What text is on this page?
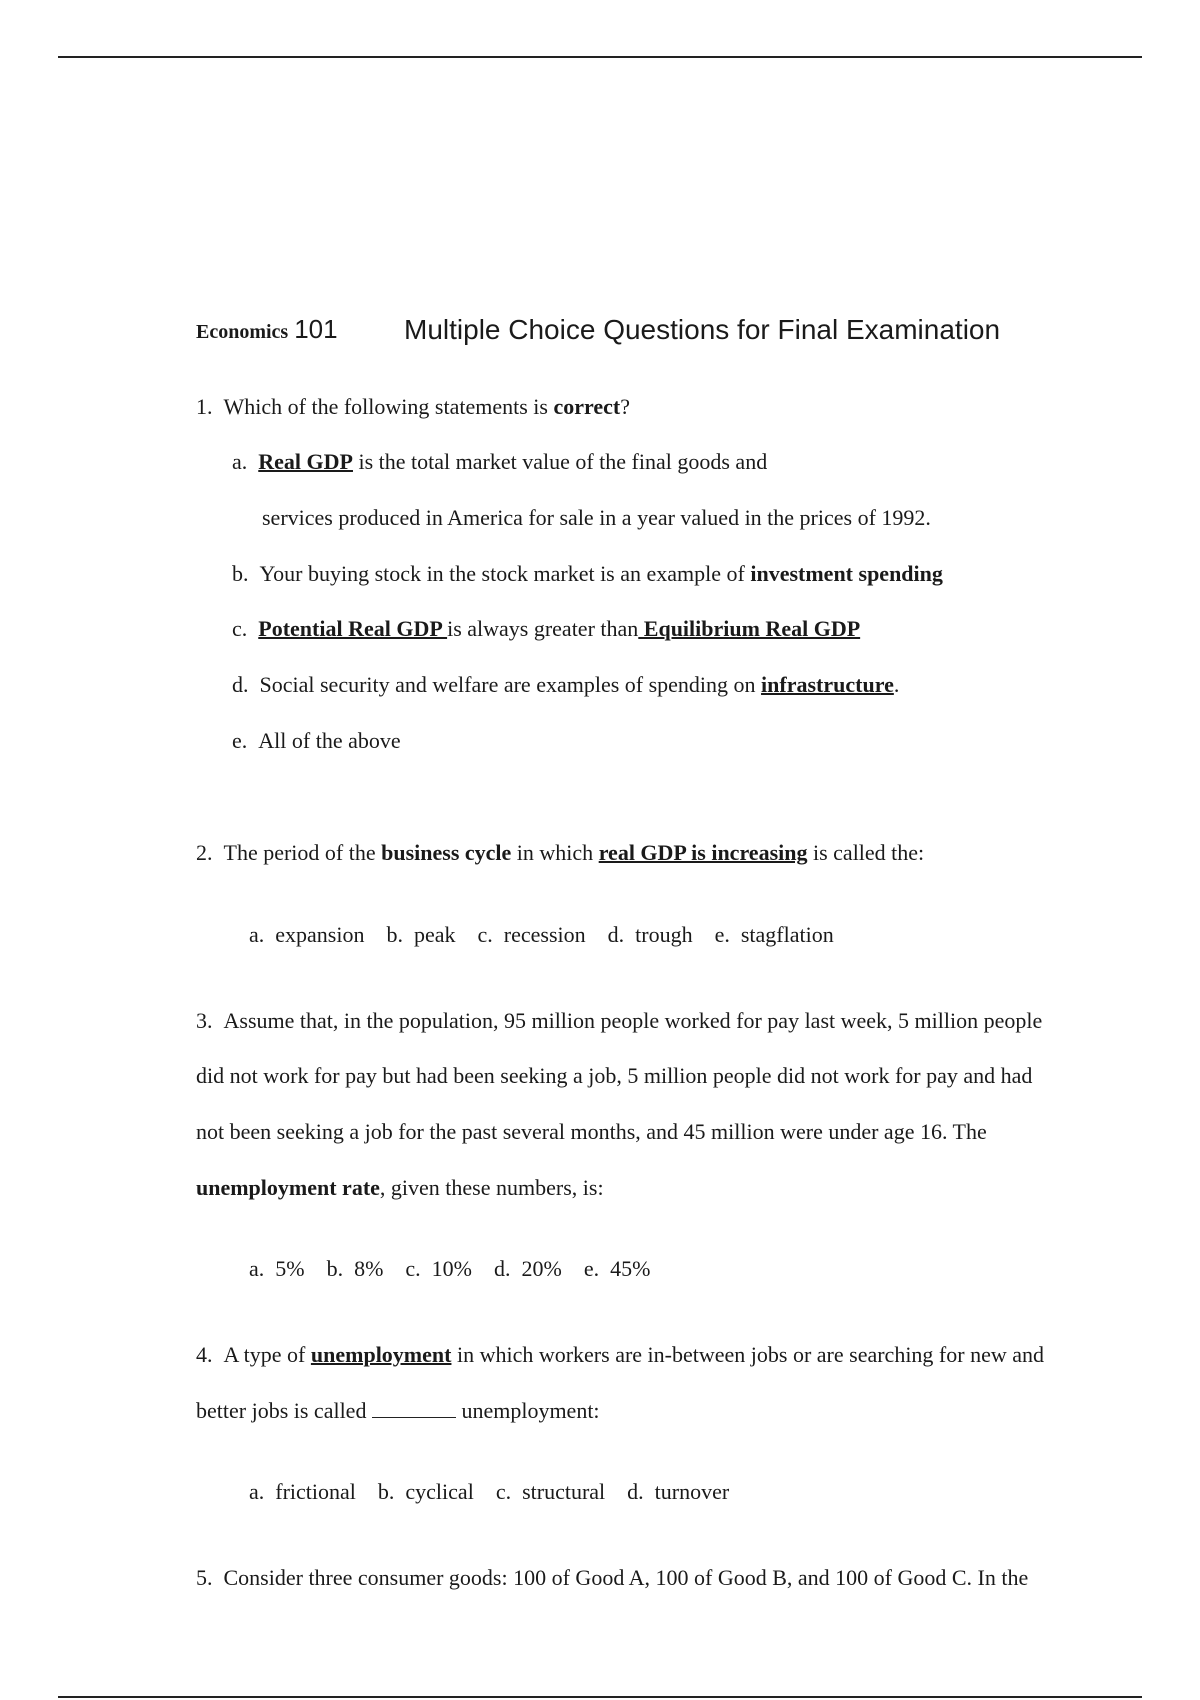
Economics 101 Multiple Choice Questions for Final Examination
1. Which of the following statements is correct?
a. Real GDP is the total market value of the final goods and
services produced in America for sale in a year valued in the prices of 1992.
b. Your buying stock in the stock market is an example of investment spending
c. Potential Real GDP is always greater than Equilibrium Real GDP
d. Social security and welfare are examples of spending on infrastructure.
e. All of the above
2. The period of the business cycle in which real GDP is increasing is called the:

a.  expansion b.  peak c.  recession d.  trough e.  stagflation

3. Assume that, in the population, 95 million people worked for pay last week, 5 million people
did not work for pay but had been seeking a job, 5 million people did not work for pay and had
not been seeking a job for the past several months, and 45 million were under age 16. The
unemployment rate, given these numbers, is:

a.  5% b.  8% c.  10% d.  20% e.  45%

4. A type of unemployment in which workers are in-between jobs or are searching for new and
better jobs is called	unemployment:

a.  frictional b.  cyclical c.  structural d.  turnover

5. Consider three consumer goods: 100 of Good A, 100 of Good B, and 100 of Good C. In the
